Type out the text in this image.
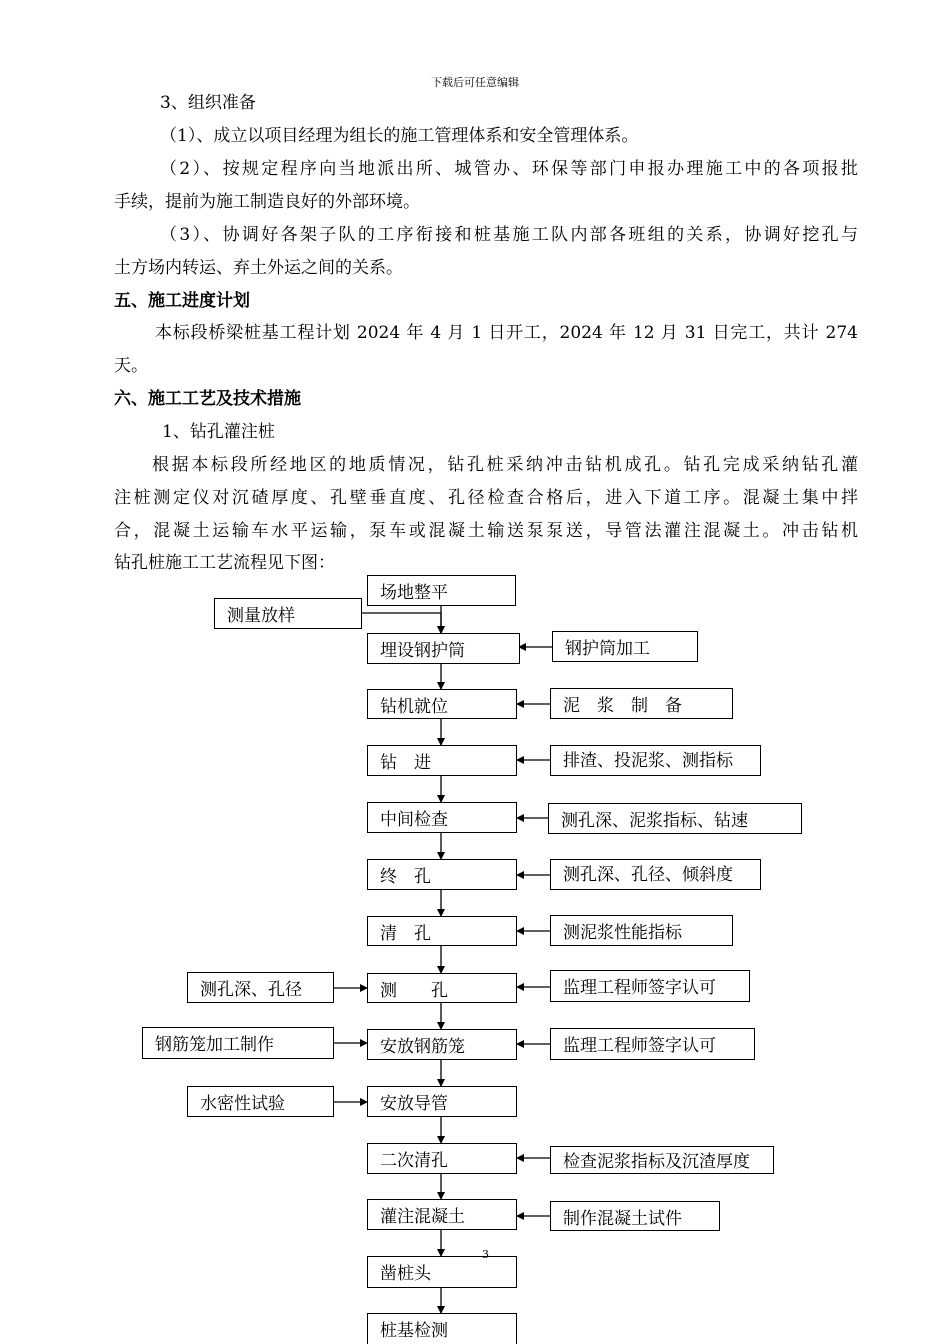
下载后可任意编辑
3、组织准备
（1）、成立以项目经理为组长的施工管理体系和安全管理体系。
（2）、按规定程序向当地派出所、城管办、环保等部门申报办理施工中的各项报批
手续，提前为施工制造良好的外部环境。
（3）、协调好各架子队的工序衔接和桩基施工队内部各班组的关系，协调好挖孔与
土方场内转运、弃土外运之间的关系。
五、施工进度计划
本标段桥梁桩基工程计划 2024 年 4 月 1 日开工，2024 年 12 月 31 日完工，共计 274
天。
六、施工工艺及技术措施
1、钻孔灌注桩
根据本标段所经地区的地质情况，钻孔桩采纳冲击钻机成孔。钻孔完成采纳钻孔灌
注桩测定仪对沉碴厚度、孔壁垂直度、孔径检查合格后，进入下道工序。混凝土集中拌
合，混凝土运输车水平运输，泵车或混凝土输送泵泵送，导管法灌注混凝土。冲击钻机
钻孔桩施工工艺流程见下图：
场地整平
埋设钢护筒
钻机就位
钻　进
中间检查
终　孔
清　孔
测　　孔
安放钢筋笼
安放导管
二次清孔
灌注混凝土
凿桩头
桩基检测
钢护筒加工
泥　浆　制　备
排渣、投泥浆、测指标
测孔深、泥浆指标、钻速
测孔深、孔径、倾斜度
测泥浆性能指标
监理工程师签字认可
监理工程师签字认可
检查泥浆指标及沉渣厚度
制作混凝土试件
测量放样
测孔深、孔径
钢筋笼加工制作
水密性试验
3
